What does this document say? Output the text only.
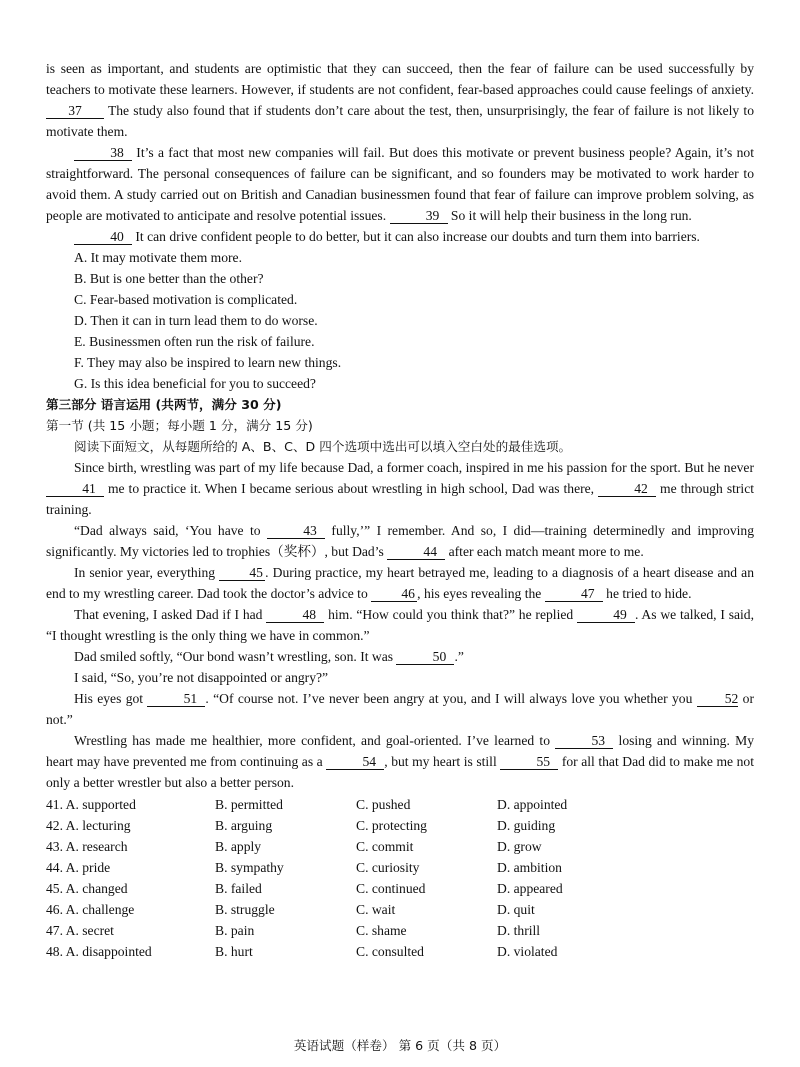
is seen as important, and students are optimistic that they can succeed, then the fear of failure can be used successfully by teachers to motivate these learners. However, if students are not confident, fear-based approaches could cause feelings of anxiety. 37 The study also found that if students don’t care about the test, then, unsurprisingly, the fear of failure is not likely to motivate them.

38 It’s a fact that most new companies will fail. But does this motivate or prevent business people? Again, it’s not straightforward. The personal consequences of failure can be significant, and so founders may be motivated to work harder to avoid them. A study carried out on British and Canadian businessmen found that fear of failure can improve problem solving, as people are motivated to anticipate and resolve potential issues.	39 So it will help their business in the long run.

40 It can drive confident people to do better, but it can also increase our doubts and turn them into barriers.

A. It may motivate them more.

B. But is one better than the other?

C. Fear-based motivation is complicated.

D. Then it can in turn lead them to do worse.

E. Businessmen often run the risk of failure.

F. They may also be inspired to learn new things.

G. Is this idea beneficial for you to succeed?

第三部分 语言运用 (共两节，满分 30 分)

第一节 (共 15 小题；每小题 1 分，满分 15 分)

阅读下面短文，从每题所给的 A、B、C、D 四个选项中选出可以填入空白处的最佳选项。

Since birth, wrestling was part of my life because Dad, a former coach, inspired in me his passion for the sport. But he never 41 me to practice it. When I became serious about wrestling in high school, Dad was there,	42 me through strict training.

“Dad always said, ‘You have to	43 fully,’” I remember. And so, I did—training determinedly and improving significantly. My victories led to trophies（奖杯）, but Dad’s	44 after each match meant more to me.

In senior year, everything	45 . During practice, my heart betrayed me, leading to a diagnosis of a heart disease and an end to my wrestling career. Dad took the doctor’s advice to 46 , his eyes revealing the	47 he tried to hide.

That evening, I asked Dad if I had	48 him. “How could you think that?” he replied	49 . As we talked, I said, “I thought wrestling is the only thing we have in common.”

Dad smiled softly, “Our bond wasn’t wrestling, son. It was	50 .”

I said, “So, you’re not disappointed or angry?”

His eyes got	51 . “Of course not. I’ve never been angry at you, and I will always love you whether you 52 or not.”

Wrestling has made me healthier, more confident, and goal-oriented. I’ve learned to	53 losing and winning. My heart may have prevented me from continuing as a	54 , but my heart is still	55 for all that Dad did to make me not only a better wrestler but also a better person.

41. A. supported	B. permitted	C. pushed	D. appointed
42. A. lecturing	B. arguing	C. protecting	D. guiding
43. A. research	B. apply	C. commit	D. grow
44. A. pride	B. sympathy	C. curiosity	D. ambition
45. A. changed	B. failed	C. continued	D. appeared
46. A. challenge	B. struggle	C. wait	D. quit
47. A. secret	B. pain	C. shame	D. thrill
48. A. disappointed	B. hurt	C. consulted	D. violated
英语试题（样卷） 第 6 页（共 8 页）
